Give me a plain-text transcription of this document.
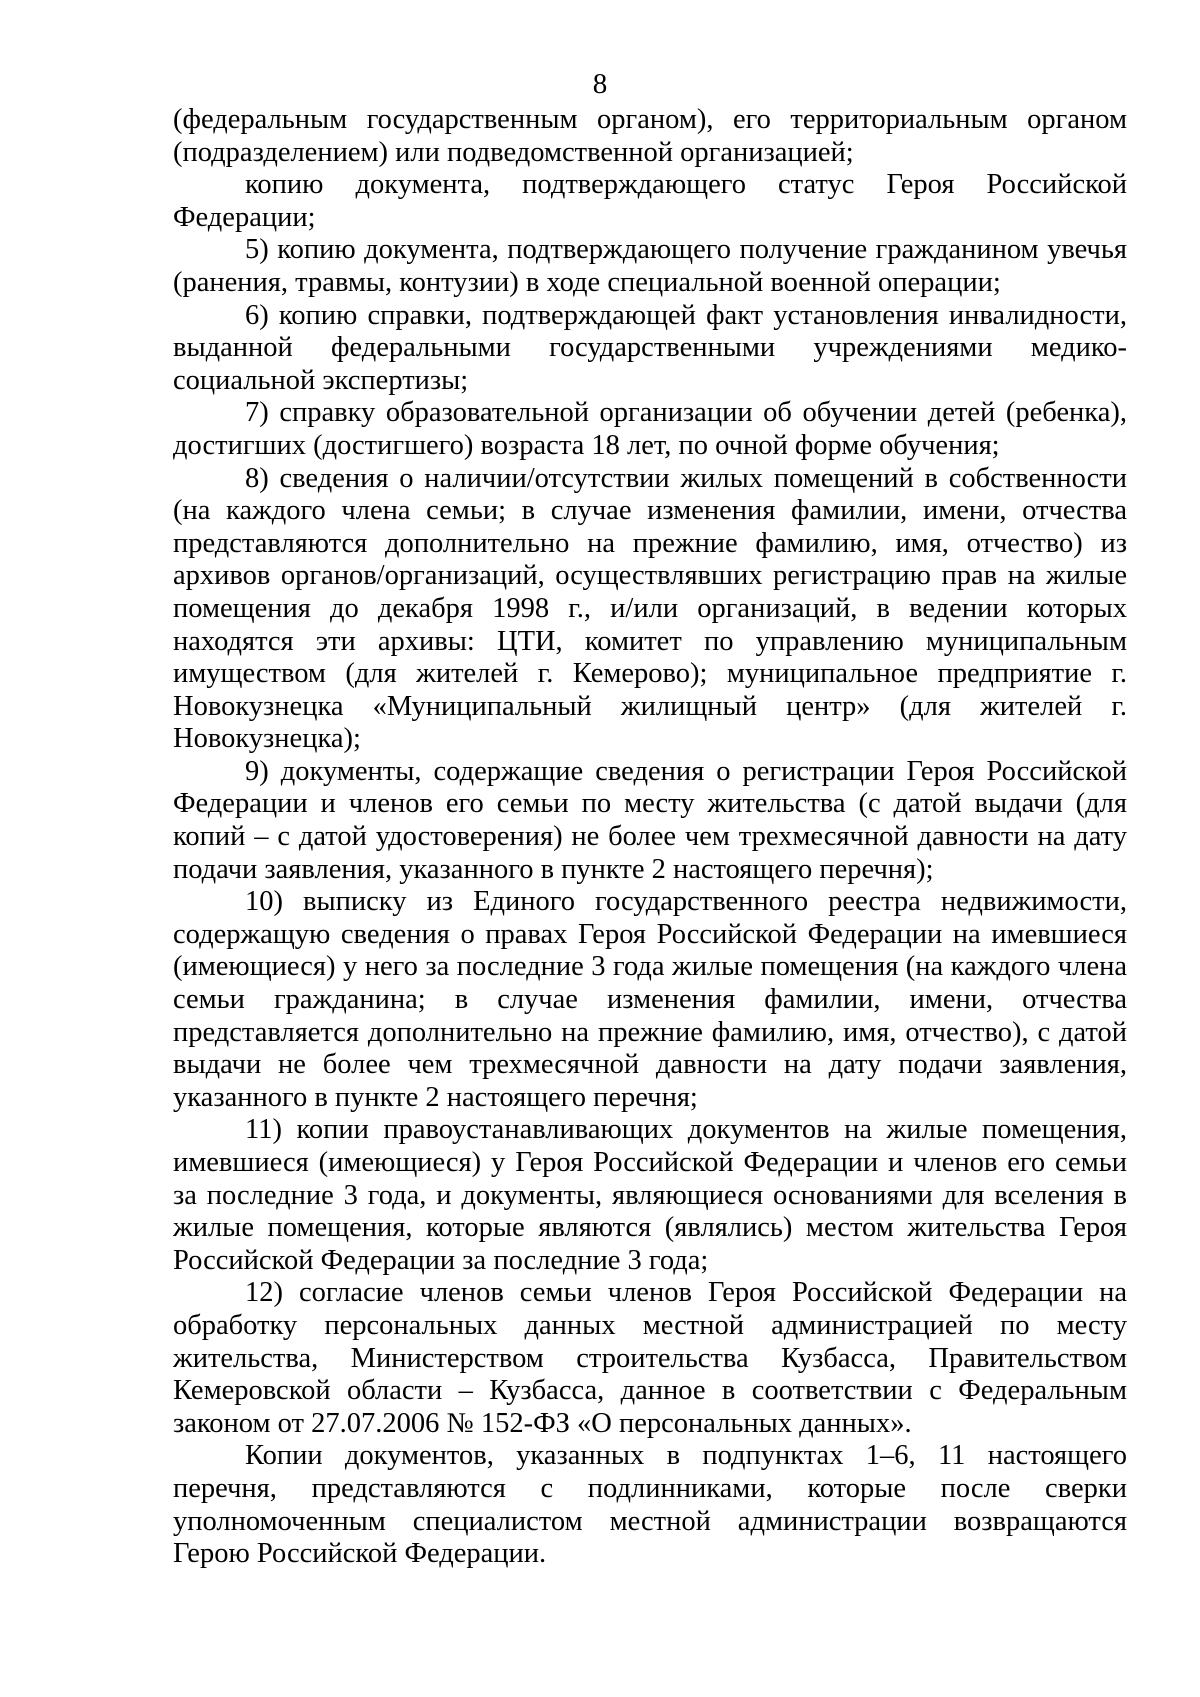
8

(федеральным государственным органом), его территориальным органом (подразделением) или подведомственной организацией;

копию документа, подтверждающего статус Героя Российской Федерации;

5) копию документа, подтверждающего получение гражданином увечья (ранения, травмы, контузии) в ходе специальной военной операции;

6) копию справки, подтверждающей факт установления инвалидности, выданной федеральными государственными учреждениями медико-социальной экспертизы;

7) справку образовательной организации об обучении детей (ребенка), достигших (достигшего) возраста 18 лет, по очной форме обучения;

8) сведения о наличии/отсутствии жилых помещений в собственности (на каждого члена семьи; в случае изменения фамилии, имени, отчества представляются дополнительно на прежние фамилию, имя, отчество) из архивов органов/организаций, осуществлявших регистрацию прав на жилые помещения до декабря 1998 г., и/или организаций, в ведении которых находятся эти архивы: ЦТИ, комитет по управлению муниципальным имуществом (для жителей г. Кемерово); муниципальное предприятие г. Новокузнецка «Муниципальный жилищный центр» (для жителей г. Новокузнецка);

9) документы, содержащие сведения о регистрации Героя Российской Федерации и членов его семьи по месту жительства (с датой выдачи (для копий – с датой удостоверения) не более чем трехмесячной давности на дату подачи заявления, указанного в пункте 2 настоящего перечня);

10) выписку из Единого государственного реестра недвижимости, содержащую сведения о правах Героя Российской Федерации на имевшиеся (имеющиеся) у него за последние 3 года жилые помещения (на каждого члена семьи гражданина; в случае изменения фамилии, имени, отчества представляется дополнительно на прежние фамилию, имя, отчество), с датой выдачи не более чем трехмесячной давности на дату подачи заявления, указанного в пункте 2 настоящего перечня;

11) копии правоустанавливающих документов на жилые помещения, имевшиеся (имеющиеся) у Героя Российской Федерации и членов его семьи за последние 3 года, и документы, являющиеся основаниями для вселения в жилые помещения, которые являются (являлись) местом жительства Героя Российской Федерации за последние 3 года;

12) согласие членов семьи членов Героя Российской Федерации на обработку персональных данных местной администрацией по месту жительства, Министерством строительства Кузбасса, Правительством Кемеровской области – Кузбасса, данное в соответствии с Федеральным законом от 27.07.2006 № 152-ФЗ «О персональных данных».

Копии документов, указанных в подпунктах 1–6, 11 настоящего перечня, представляются с подлинниками, которые после сверки уполномоченным специалистом местной администрации возвращаются Герою Российской Федерации.
